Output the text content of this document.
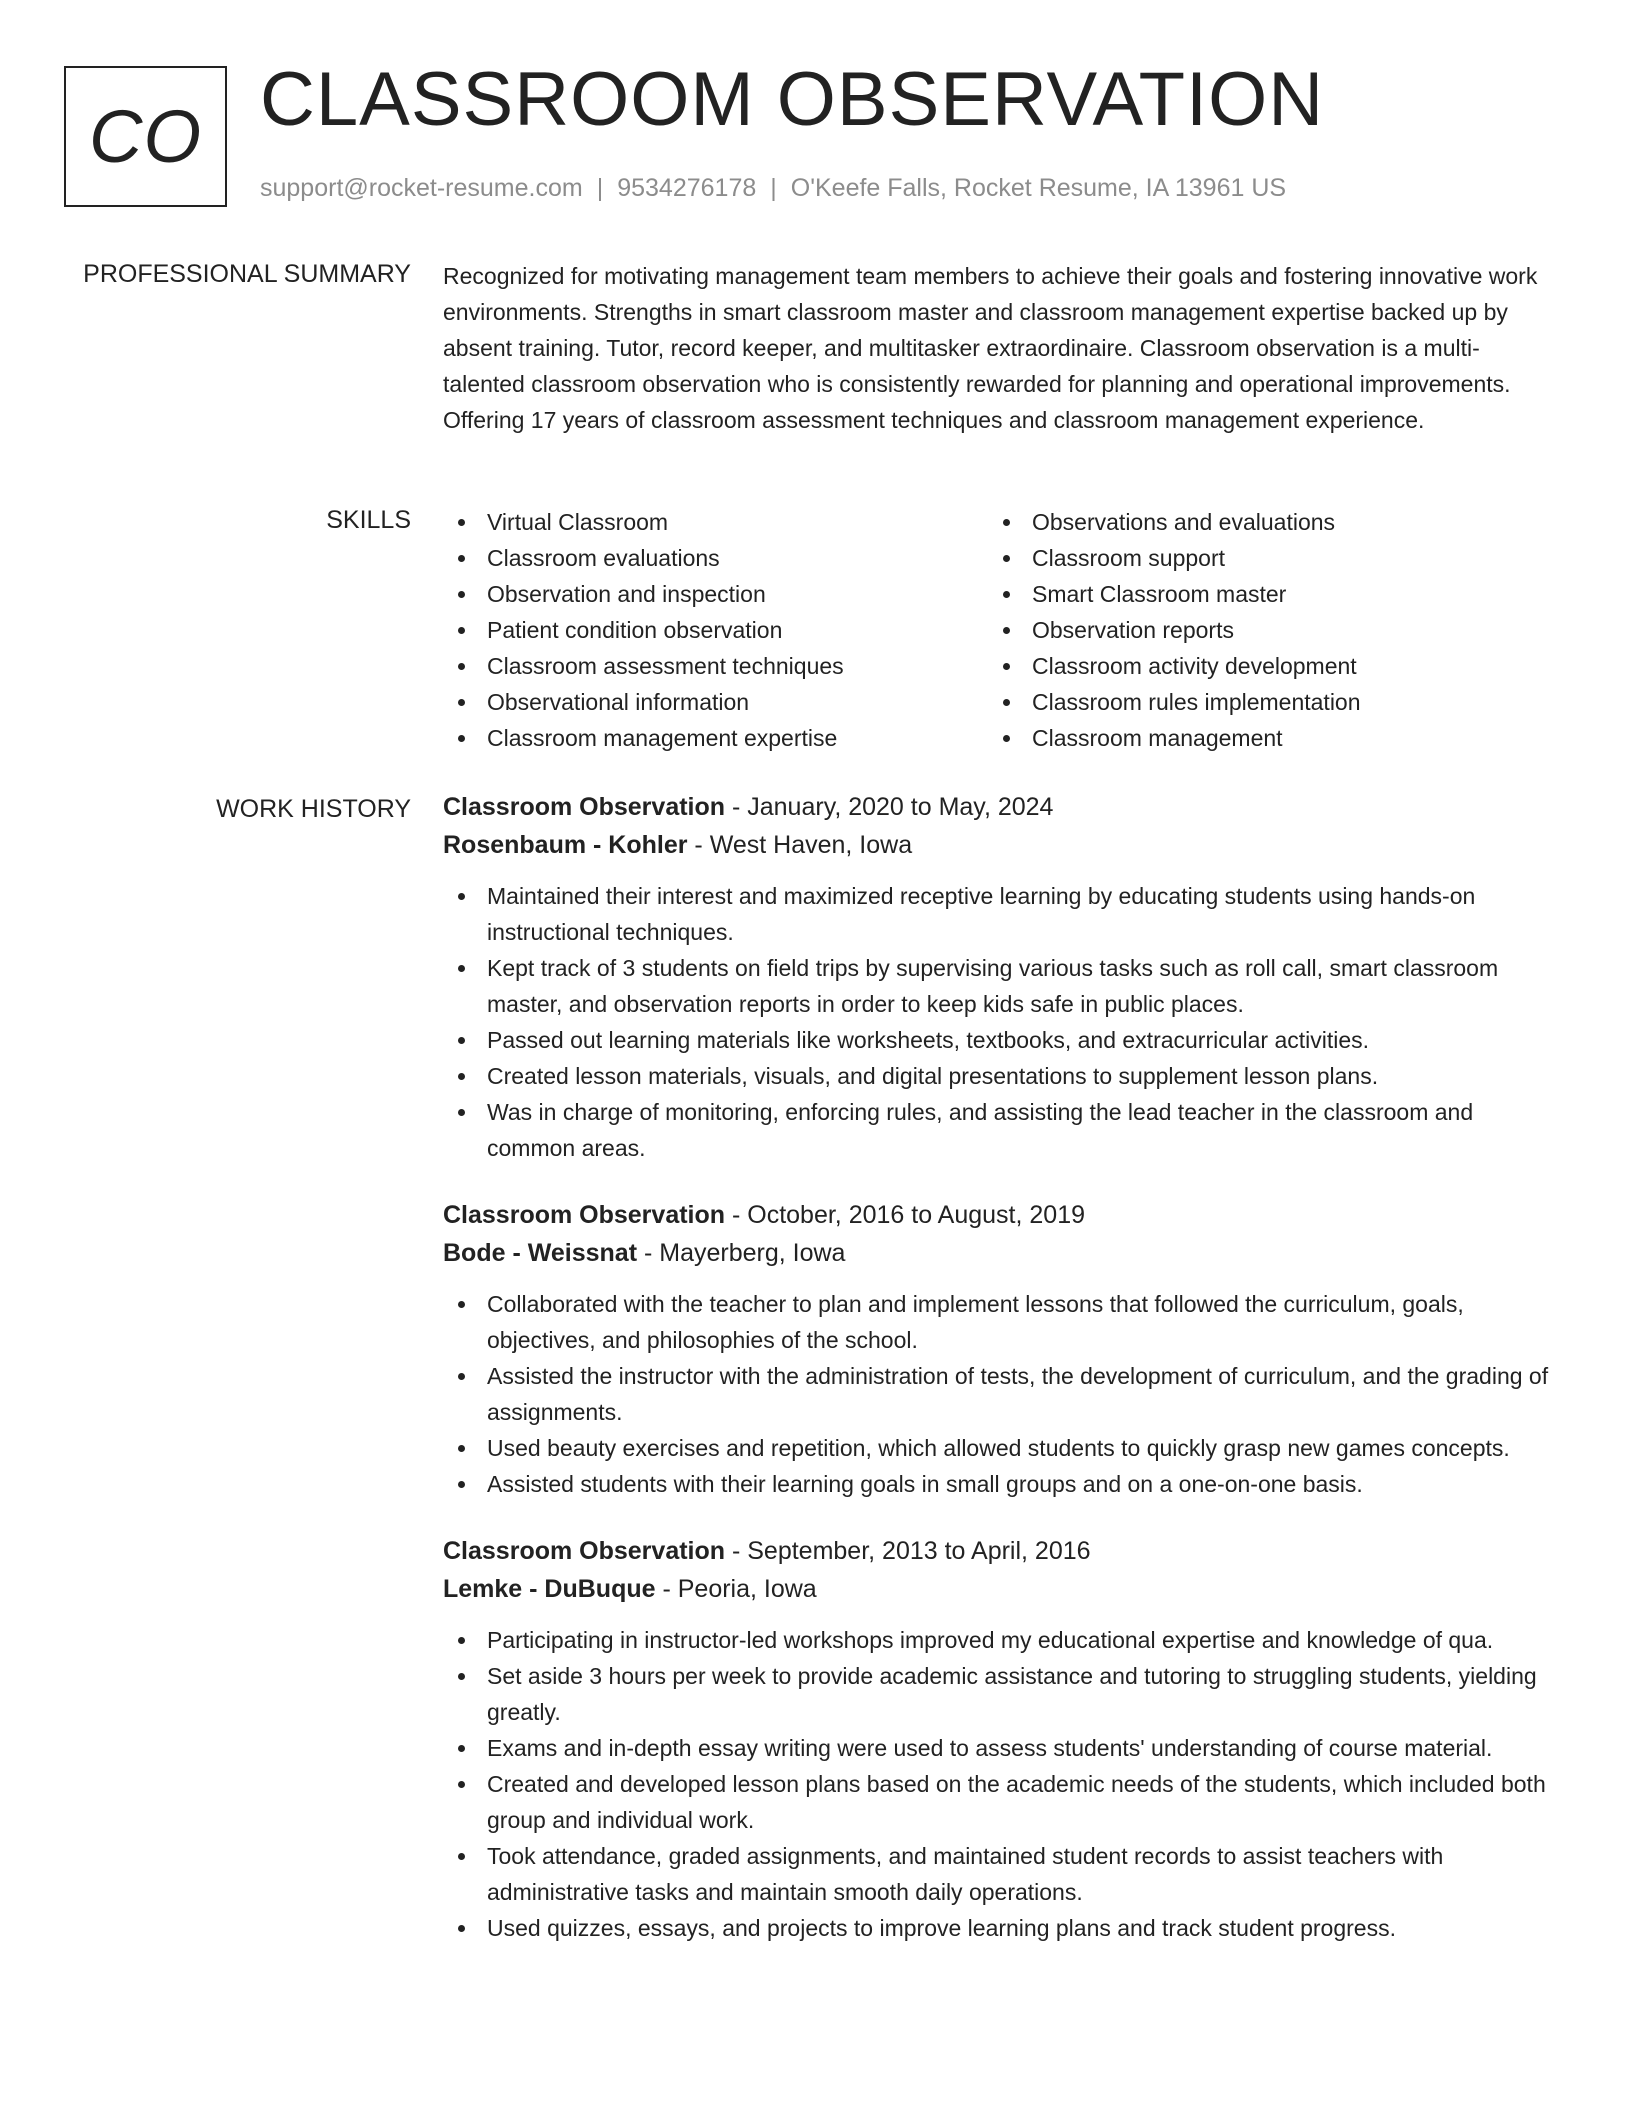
CO CLASSROOM OBSERVATION
support@rocket-resume.com | 9534276178 | O'Keefe Falls, Rocket Resume, IA 13961 US
PROFESSIONAL SUMMARY Recognized for motivating management team members to achieve their goals and fostering innovative work environments. Strengths in smart classroom master and classroom management expertise backed up by absent training. Tutor, record keeper, and multitasker extraordinaire. Classroom observation is a multi-talented classroom observation who is consistently rewarded for planning and operational improvements. Offering 17 years of classroom assessment techniques and classroom management experience.

SKILLS	Virtual Classroom
Classroom evaluations
Observation and inspection
Patient condition observation
Classroom assessment techniques
Observational information
Classroom management expertise
Observations and evaluations
Classroom support
Smart Classroom master
Observation reports
Classroom activity development
Classroom rules implementation
Classroom management
WORK HISTORY Classroom Observation - January, 2020 to May, 2024
Rosenbaum - Kohler - West Haven, Iowa
Maintained their interest and maximized receptive learning by educating students using hands-on instructional techniques.
Kept track of 3 students on field trips by supervising various tasks such as roll call, smart classroom master, and observation reports in order to keep kids safe in public places.
Passed out learning materials like worksheets, textbooks, and extracurricular activities.
Created lesson materials, visuals, and digital presentations to supplement lesson plans.
Was in charge of monitoring, enforcing rules, and assisting the lead teacher in the classroom and common areas.
Classroom Observation - October, 2016 to August, 2019
Bode - Weissnat - Mayerberg, Iowa
Collaborated with the teacher to plan and implement lessons that followed the curriculum, goals, objectives, and philosophies of the school.
Assisted the instructor with the administration of tests, the development of curriculum, and the grading of assignments.
Used beauty exercises and repetition, which allowed students to quickly grasp new games concepts.
Assisted students with their learning goals in small groups and on a one-on-one basis.
Classroom Observation - September, 2013 to April, 2016
Lemke - DuBuque - Peoria, Iowa
Participating in instructor-led workshops improved my educational expertise and knowledge of qua.
Set aside 3 hours per week to provide academic assistance and tutoring to struggling students, yielding greatly.
Exams and in-depth essay writing were used to assess students' understanding of course material.
Created and developed lesson plans based on the academic needs of the students, which included both group and individual work.
Took attendance, graded assignments, and maintained student records to assist teachers with administrative tasks and maintain smooth daily operations.
Used quizzes, essays, and projects to improve learning plans and track student progress.
